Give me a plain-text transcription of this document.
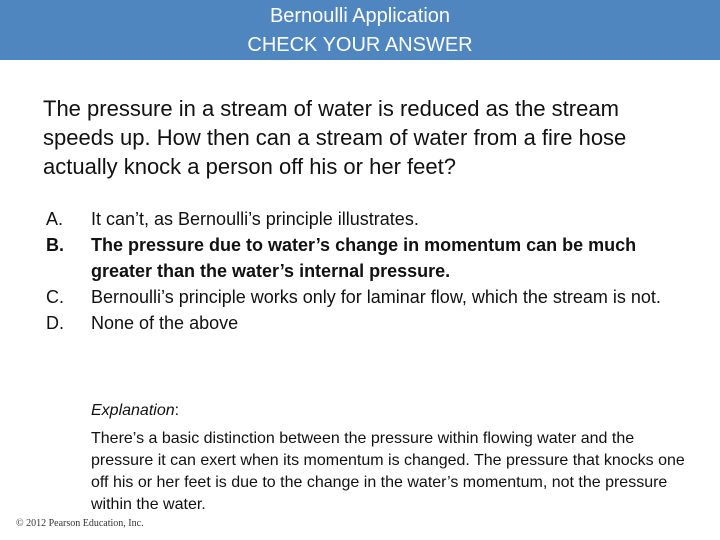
Bernoulli Application
CHECK YOUR ANSWER
The pressure in a stream of water is reduced as the stream speeds up. How then can a stream of water from a fire hose actually knock a person off his or her feet?
A.	It can’t, as Bernoulli’s principle illustrates.
B.	The pressure due to water’s change in momentum can be much greater than the water’s internal pressure.
C.	Bernoulli’s principle works only for laminar flow, which the stream is not.
D.	None of the above
Explanation:
There’s a basic distinction between the pressure within flowing water and the pressure it can exert when its momentum is changed. The pressure that knocks one off his or her feet is due to the change in the water’s momentum, not the pressure within the water.
© 2012 Pearson Education, Inc.
